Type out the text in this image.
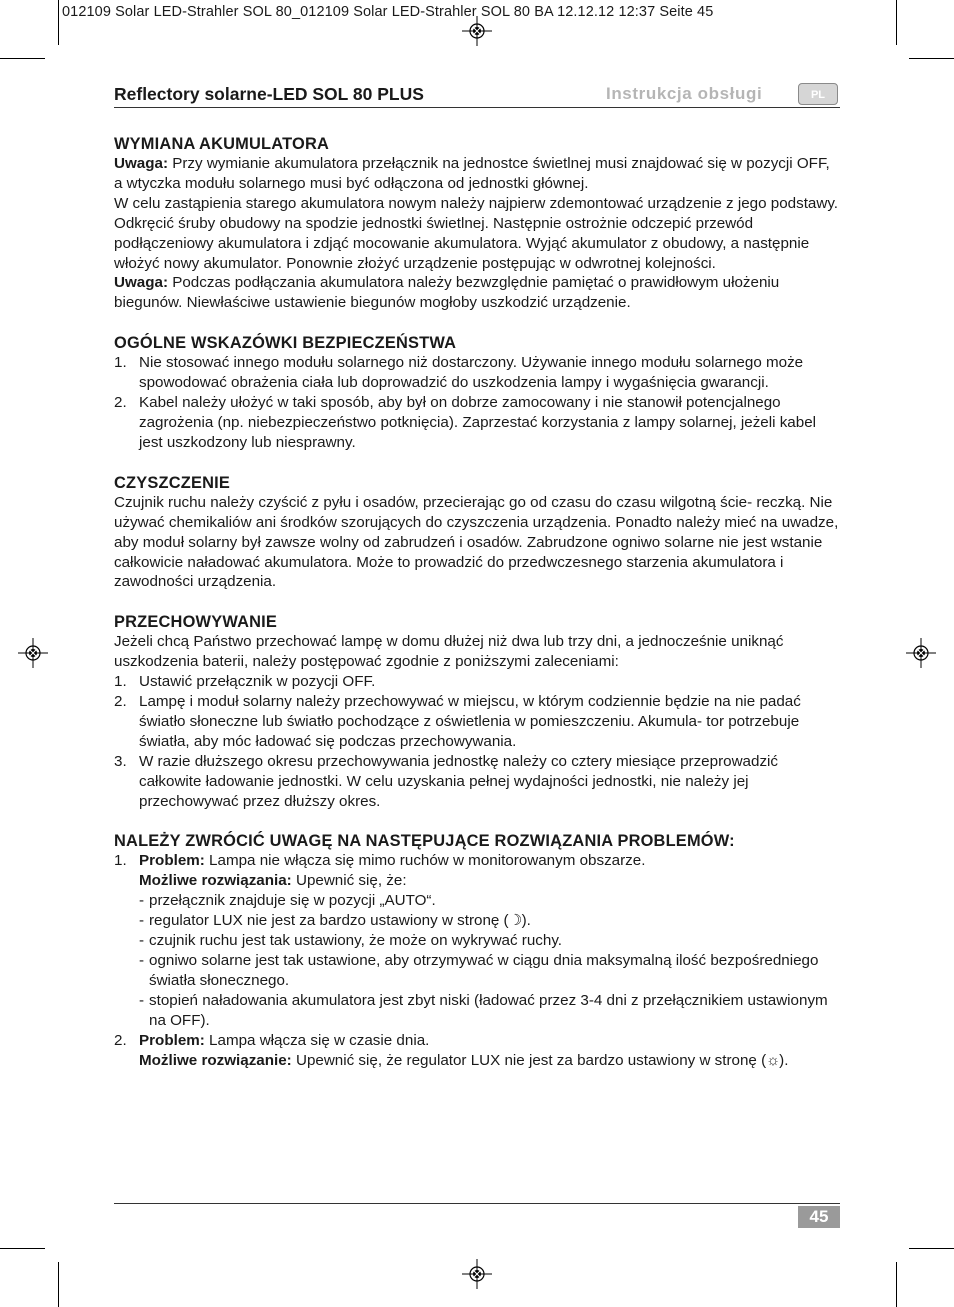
012109 Solar LED-Strahler SOL 80_012109 Solar LED-Strahler SOL 80 BA 12.12.12 12:37 Seite 45
Reflectory solarne-LED SOL 80 PLUS	Instrukcja obsługi	PL
WYMIANA AKUMULATORA

Uwaga: Przy wymianie akumulatora przełącznik na jednostce świetlnej musi znajdować się w pozycji OFF, a wtyczka modułu solarnego musi być odłączona od jednostki głównej.

W celu zastąpienia starego akumulatora nowym należy najpierw zdemontować urządzenie z jego podstawy. Odkręcić śruby obudowy na spodzie jednostki świetlnej. Następnie ostrożnie odczepić przewód podłączeniowy akumulatora i zdjąć mocowanie akumulatora. Wyjąć akumulator z obudowy, a następnie włożyć nowy akumulator. Ponownie złożyć urządzenie postępując w odwrotnej kolejności.

Uwaga: Podczas podłączania akumulatora należy bezwzględnie pamiętać o prawidłowym ułożeniu biegunów. Niewłaściwe ustawienie biegunów mogłoby uszkodzić urządzenie.

OGÓLNE WSKAZÓWKI BEZPIECZEŃSTWA
1. Nie stosować innego modułu solarnego niż dostarczony. Używanie innego modułu solarnego może spowodować obrażenia ciała lub doprowadzić do uszkodzenia lampy i wygaśnięcia gwarancji.
2. Kabel należy ułożyć w taki sposób, aby był on dobrze zamocowany i nie stanowił potencjalnego zagrożenia (np. niebezpieczeństwo potknięcia). Zaprzestać korzystania z lampy solarnej, jeżeli kabel jest uszkodzony lub niesprawny.
CZYSZCZENIE

Czujnik ruchu należy czyścić z pyłu i osadów, przecierając go od czasu do czasu wilgotną ście- reczką. Nie używać chemikaliów ani środków szorujących do czyszczenia urządzenia. Ponadto należy mieć na uwadze, aby moduł solarny był zawsze wolny od zabrudzeń i osadów. Zabrudzone ogniwo solarne nie jest wstanie całkowicie naładować akumulatora. Może to prowadzić do przedwczesnego starzenia akumulatora i zawodności urządzenia.

PRZECHOWYWANIE

Jeżeli chcą Państwo przechować lampę w domu dłużej niż dwa lub trzy dni, a jednocześnie uniknąć uszkodzenia baterii, należy postępować zgodnie z poniższymi zaleceniami:

1. Ustawić przełącznik w pozycji OFF.
2. Lampę i moduł solarny należy przechowywać w miejscu, w którym codziennie będzie na nie padać światło słoneczne lub światło pochodzące z oświetlenia w pomieszczeniu. Akumula- tor potrzebuje światła, aby móc ładować się podczas przechowywania.
3. W razie dłuższego okresu przechowywania jednostkę należy co cztery miesiące przeprowadzić całkowite ładowanie jednostki. W celu uzyskania pełnej wydajności jednostki, nie należy jej przechowywać przez dłuższy okres.
NALEŻY ZWRÓCIĆ UWAGĘ NA NASTĘPUJĄCE ROZWIĄZANIA PROBLEMÓW:
1. Problem: Lampa nie włącza się mimo ruchów w monitorowanym obszarze.
Możliwe rozwiązania: Upewnić się, że:
- przełącznik znajduje się w pozycji „AUTO“.
- regulator LUX nie jest za bardzo ustawiony w stronę (☽).
- czujnik ruchu jest tak ustawiony, że może on wykrywać ruchy.
- ogniwo solarne jest tak ustawione, aby otrzymywać w ciągu dnia maksymalną ilość bezpośredniego światła słonecznego.
- stopień naładowania akumulatora jest zbyt niski (ładować przez 3-4 dni z przełącznikiem ustawionym na OFF).
2. Problem: Lampa włącza się w czasie dnia.
Możliwe rozwiązanie: Upewnić się, że regulator LUX nie jest za bardzo ustawiony w stronę (☼).
45
